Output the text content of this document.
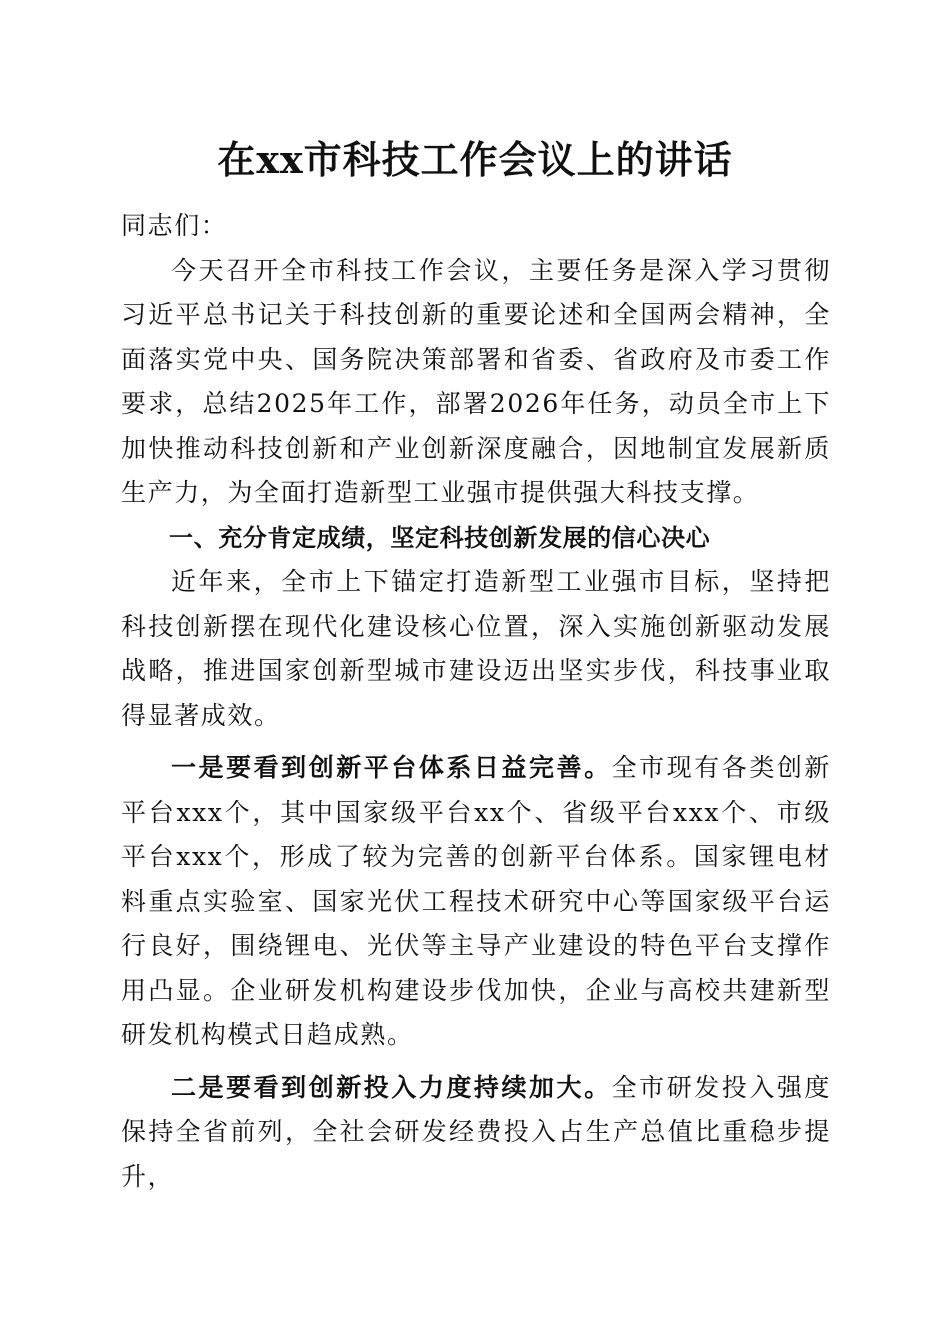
在xx市科技工作会议上的讲话

同志们：

今天召开全市科技工作会议，主要任务是深入学习贯彻习近平总书记关于科技创新的重要论述和全国两会精神，全面落实党中央、国务院决策部署和省委、省政府及市委工作要求，总结2025年工作，部署2026年任务，动员全市上下加快推动科技创新和产业创新深度融合，因地制宜发展新质生产力，为全面打造新型工业强市提供强大科技支撑。

一、充分肯定成绩，坚定科技创新发展的信心决心

近年来，全市上下锚定打造新型工业强市目标，坚持把科技创新摆在现代化建设核心位置，深入实施创新驱动发展战略，推进国家创新型城市建设迈出坚实步伐，科技事业取得显著成效。

一是要看到创新平台体系日益完善。全市现有各类创新平台xxx个，其中国家级平台xx个、省级平台xxx个、市级平台xxx个，形成了较为完善的创新平台体系。国家锂电材料重点实验室、国家光伏工程技术研究中心等国家级平台运行良好，围绕锂电、光伏等主导产业建设的特色平台支撑作用凸显。企业研发机构建设步伐加快，企业与高校共建新型研发机构模式日趋成熟。

二是要看到创新投入力度持续加大。全市研发投入强度保持全省前列，全社会研发经费投入占生产总值比重稳步提升，
